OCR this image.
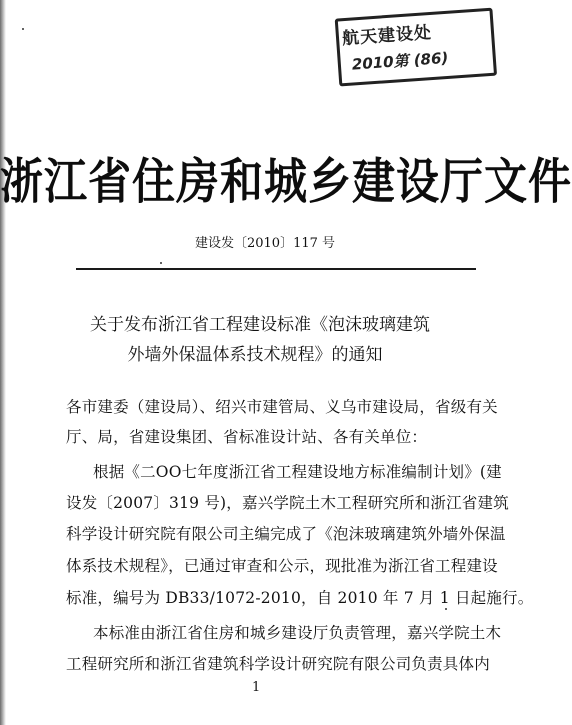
航天建设处
2010第 (86)
浙江省住房和城乡建设厅文件
建设发〔2010〕117 号
关于发布浙江省工程建设标准《泡沫玻璃建筑
外墙外保温体系技术规程》的通知
各市建委（建设局）、绍兴市建管局、义乌市建设局，省级有关
厅、局，省建设集团、省标准设计站、各有关单位：
根据《二OO七年度浙江省工程建设地方标准编制计划》(建
设发〔2007〕319 号)，嘉兴学院土木工程研究所和浙江省建筑
科学设计研究院有限公司主编完成了《泡沫玻璃建筑外墙外保温
体系技术规程》，已通过审查和公示，现批准为浙江省工程建设
标准，编号为 DB33/1072-2010，自 2010 年 7 月 1 日起施行。
本标准由浙江省住房和城乡建设厅负责管理，嘉兴学院土木
工程研究所和浙江省建筑科学设计研究院有限公司负责具体内
1
